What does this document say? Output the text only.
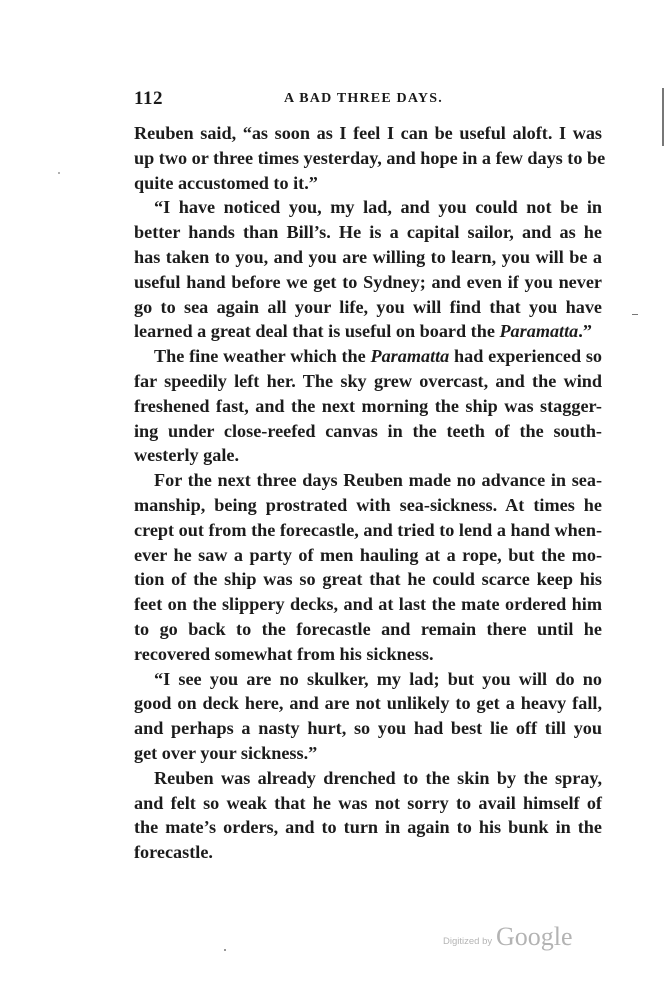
112	A BAD THREE DAYS.
Reuben said, “as soon as I feel I can be useful aloft. I was
up two or three times yesterday, and hope in a few days to be
quite accustomed to it.”
“I have noticed you, my lad, and you could not be in
better hands than Bill’s. He is a capital sailor, and as he
has taken to you, and you are willing to learn, you will be a
useful hand before we get to Sydney; and even if you never
go to sea again all your life, you will find that you have
learned a great deal that is useful on board the Paramatta.”
The fine weather which the Paramatta had experienced so
far speedily left her. The sky grew overcast, and the wind
freshened fast, and the next morning the ship was stagger-
ing under close-reefed canvas in the teeth of the south-
westerly gale.
For the next three days Reuben made no advance in sea-
manship, being prostrated with sea-sickness. At times he
crept out from the forecastle, and tried to lend a hand when-
ever he saw a party of men hauling at a rope, but the mo-
tion of the ship was so great that he could scarce keep his
feet on the slippery decks, and at last the mate ordered him
to go back to the forecastle and remain there until he
recovered somewhat from his sickness.
“I see you are no skulker, my lad; but you will do no
good on deck here, and are not unlikely to get a heavy fall,
and perhaps a nasty hurt, so you had best lie off till you
get over your sickness.”
Reuben was already drenched to the skin by the spray,
and felt so weak that he was not sorry to avail himself of
the mate’s orders, and to turn in again to his bunk in the
forecastle.
Digitized by Google
